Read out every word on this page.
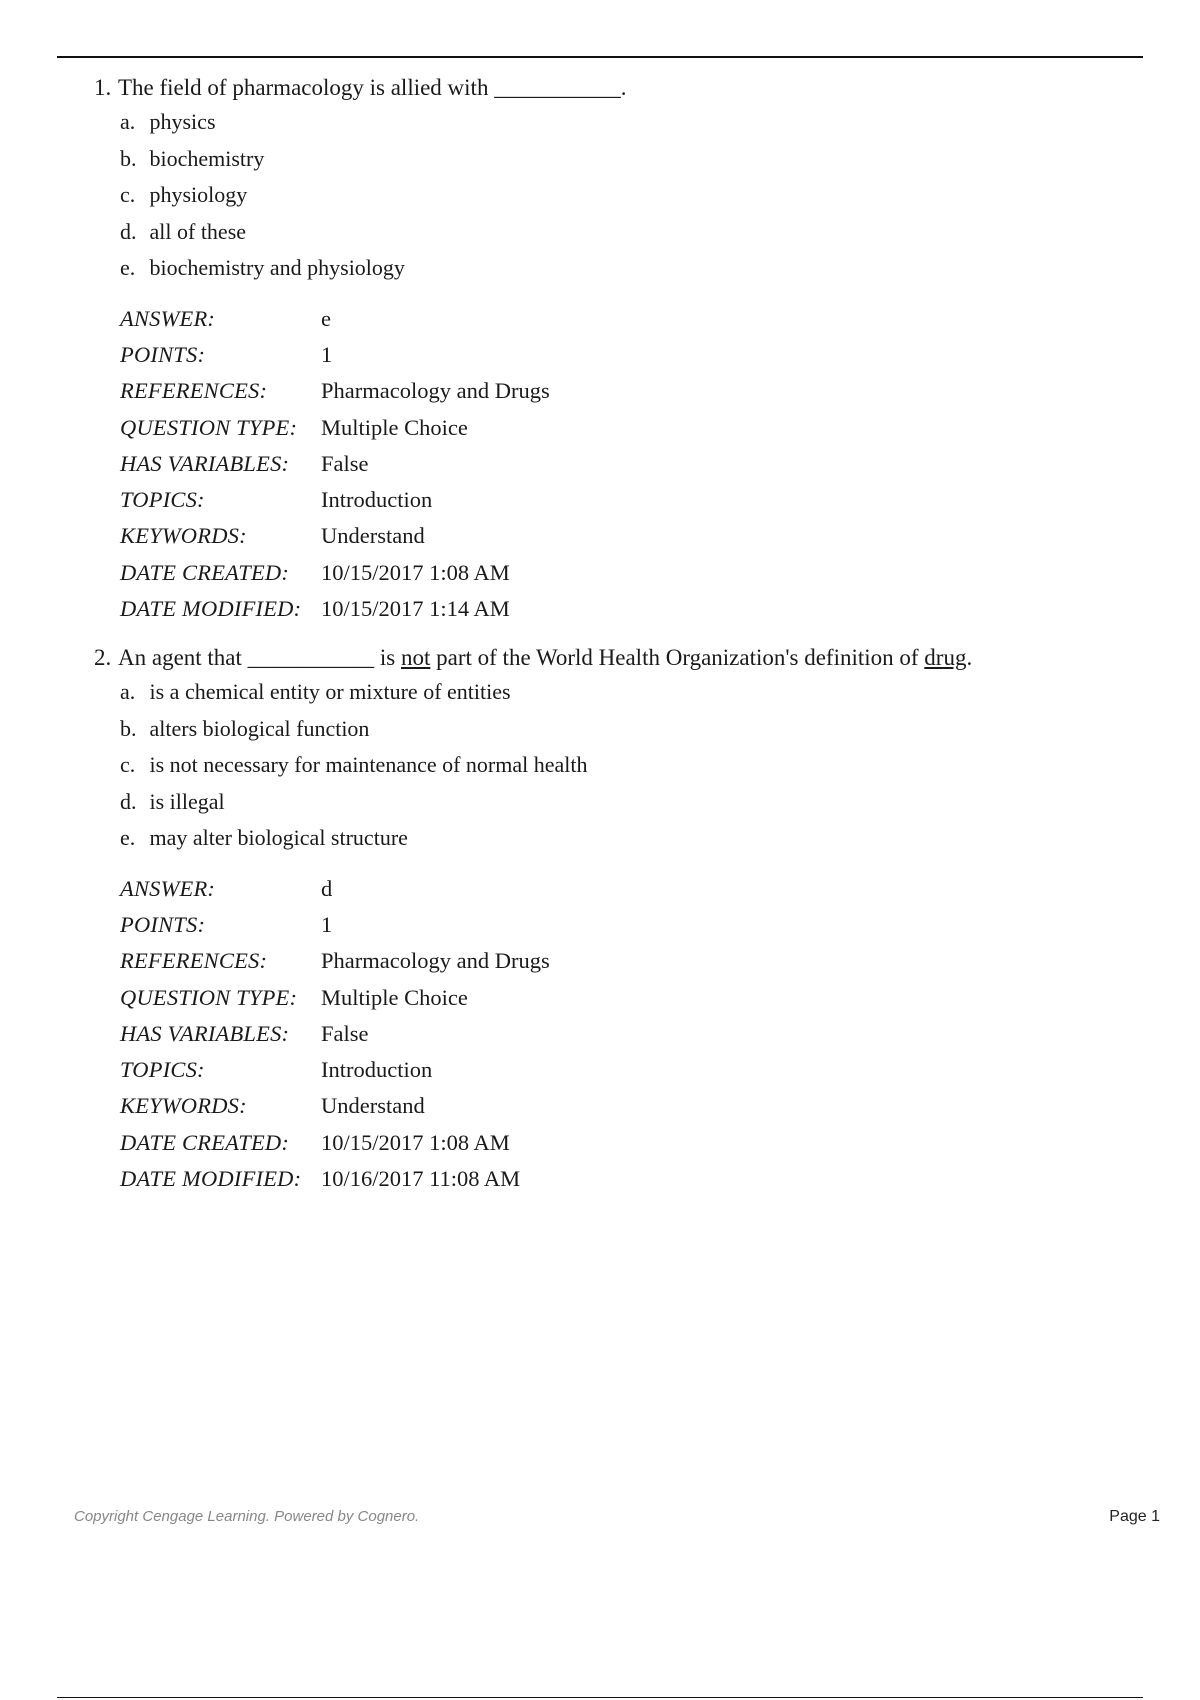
1. The field of pharmacology is allied with ___________.
a. physics
b. biochemistry
c. physiology
d. all of these
e. biochemistry and physiology
ANSWER:	e
POINTS:	1
REFERENCES:	Pharmacology and Drugs
QUESTION TYPE:	Multiple Choice
HAS VARIABLES:	False
TOPICS:	Introduction
KEYWORDS:	Understand
DATE CREATED:	10/15/2017 1:08 AM
DATE MODIFIED:	10/15/2017 1:14 AM
2. An agent that ___________ is not part of the World Health Organization's definition of drug.
a. is a chemical entity or mixture of entities
b. alters biological function
c. is not necessary for maintenance of normal health
d. is illegal
e. may alter biological structure
ANSWER:	d
POINTS:	1
REFERENCES:	Pharmacology and Drugs
QUESTION TYPE:	Multiple Choice
HAS VARIABLES:	False
TOPICS:	Introduction
KEYWORDS:	Understand
DATE CREATED:	10/15/2017 1:08 AM
DATE MODIFIED:	10/16/2017 11:08 AM
Copyright Cengage Learning. Powered by Cognero.	Page 1
